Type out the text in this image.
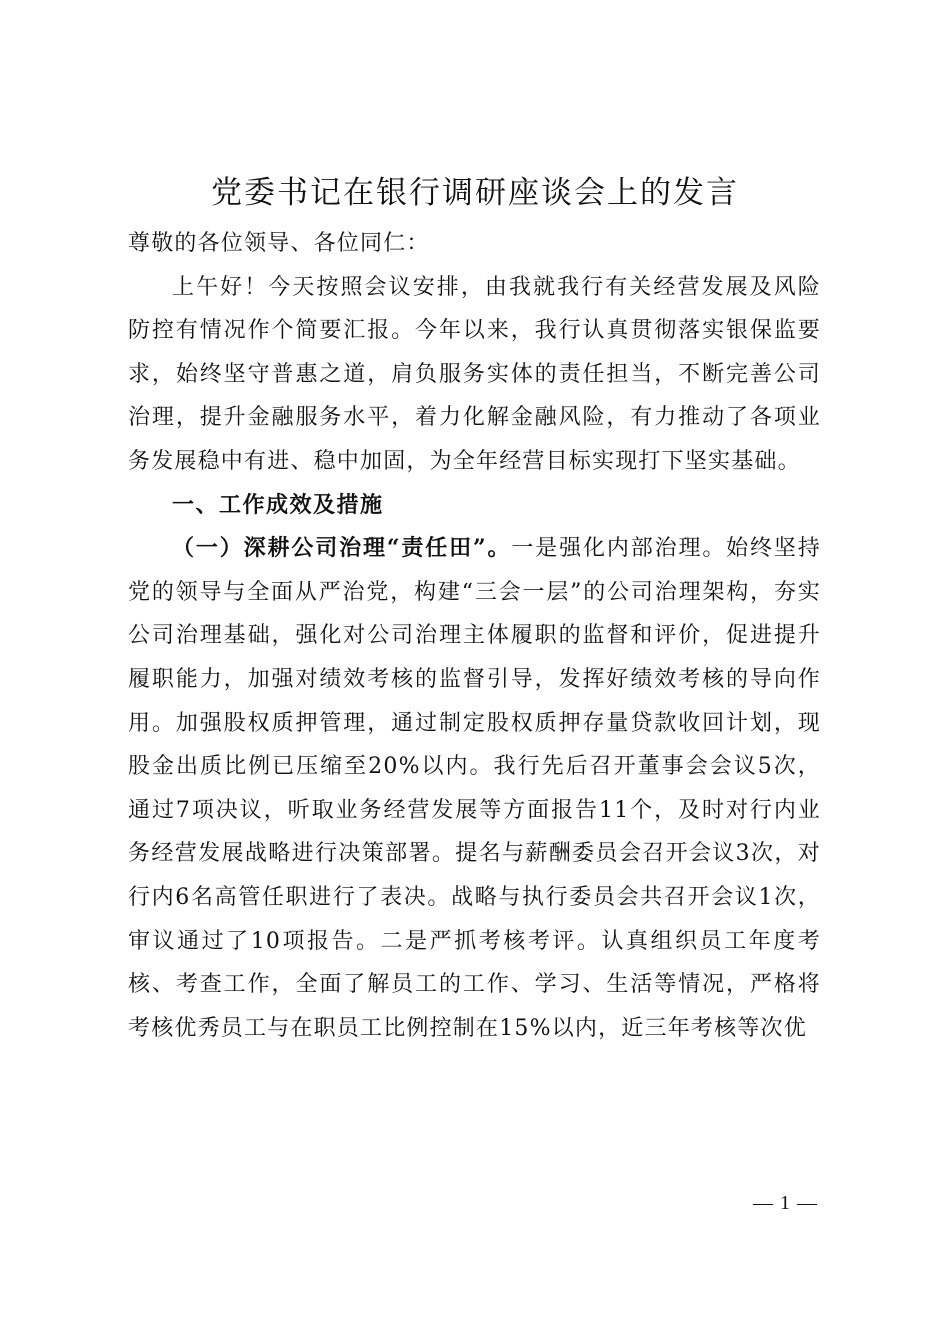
党委书记在银行调研座谈会上的发言

尊敬的各位领导、各位同仁：

上午好！今天按照会议安排，由我就我行有关经营发展及风险防控有情况作个简要汇报。今年以来，我行认真贯彻落实银保监要求，始终坚守普惠之道，肩负服务实体的责任担当，不断完善公司治理，提升金融服务水平，着力化解金融风险，有力推动了各项业务发展稳中有进、稳中加固，为全年经营目标实现打下坚实基础。

一、工作成效及措施

（一）深耕公司治理“责任田”。一是强化内部治理。始终坚持党的领导与全面从严治党，构建“三会一层”的公司治理架构，夯实公司治理基础，强化对公司治理主体履职的监督和评价，促进提升履职能力，加强对绩效考核的监督引导，发挥好绩效考核的导向作用。加强股权质押管理，通过制定股权质押存量贷款收回计划，现股金出质比例已压缩至20%以内。我行先后召开董事会会议5次，通过7项决议，听取业务经营发展等方面报告11个，及时对行内业务经营发展战略进行决策部署。提名与薪酬委员会召开会议3次，对行内6名高管任职进行了表决。战略与执行委员会共召开会议1次，审议通过了10项报告。二是严抓考核考评。认真组织员工年度考核、考查工作，全面了解员工的工作、学习、生活等情况，严格将考核优秀员工与在职员工比例控制在15%以内，近三年考核等次优

— 1 —
